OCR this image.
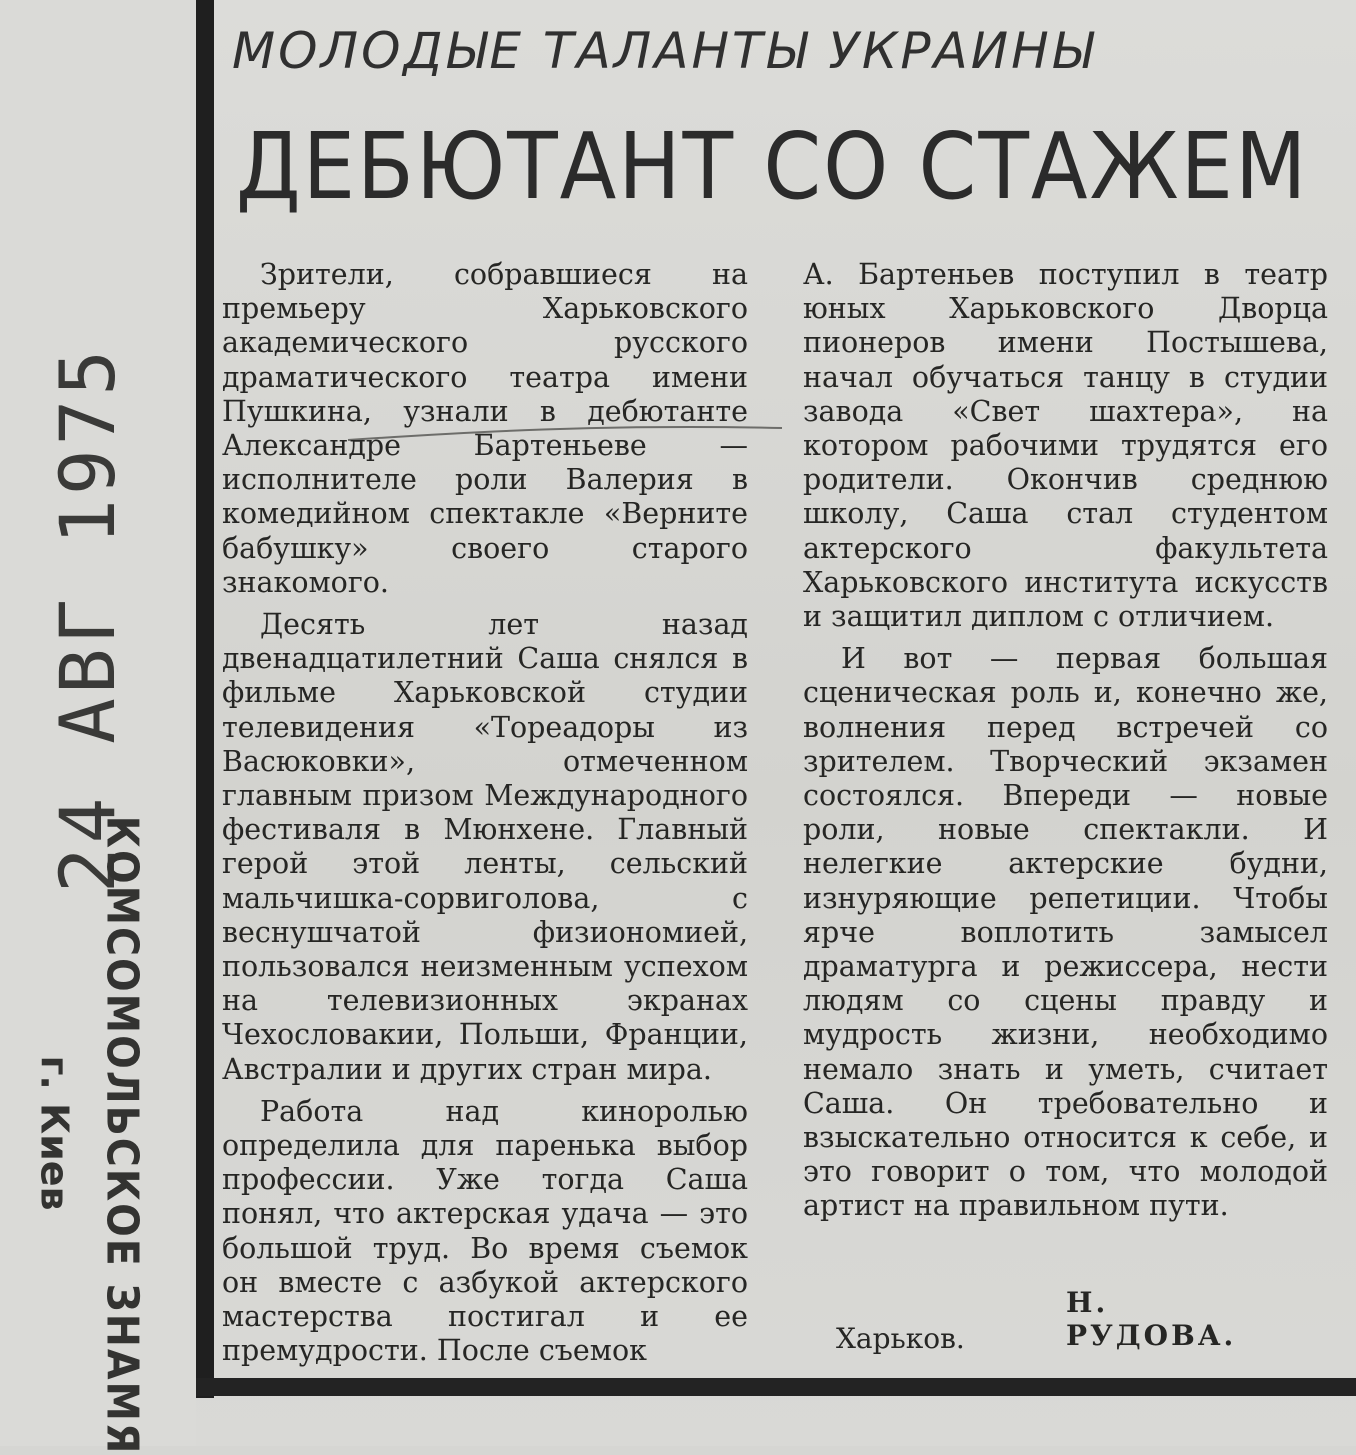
24 АВГ 1975
КОМСОМОЛЬСКОЕ ЗНАМЯ
г. Киев
МОЛОДЫЕ ТАЛАНТЫ УКРАИНЫ
ДЕБЮТАНТ СО СТАЖЕМ

Зрители, собравшиеся на премьеру Харьковского академического русского драматического театра имени Пушкина, узнали в дебютанте Александре Бартеньеве — исполнителе роли Валерия в комедийном спектакле «Верните бабушку» своего старого знакомого.

Десять лет назад двенадцатилетний Саша снялся в фильме Харьковской студии телевидения «Тореадоры из Васюковки», отмеченном главным призом Международного фестиваля в Мюнхене. Главный герой этой ленты, сельский мальчишка-сорвиголова, с веснушчатой физиономией, пользовался неизменным успехом на телевизионных экранах Чехословакии, Польши, Франции, Австралии и других стран мира.

Работа над киноролью определила для паренька выбор профессии. Уже тогда Саша понял, что актерская удача — это большой труд. Во время съемок он вместе с азбукой актерского мастерства постигал и ее премудрости. После съемок

А. Бартеньев поступил в театр юных Харьковского Дворца пионеров имени Постышева, начал обучаться танцу в студии завода «Свет шахтера», на котором рабочими трудятся его родители. Окончив среднюю школу, Саша стал студентом актерского факультета Харьковского института искусств и защитил диплом с отличием.

И вот — первая большая сценическая роль и, конечно же, волнения перед встречей со зрителем. Творческий экзамен состоялся. Впереди — новые роли, новые спектакли. И нелегкие актерские будни, изнуряющие репетиции. Чтобы ярче воплотить замысел драматурга и режиссера, нести людям со сцены правду и мудрость жизни, необходимо немало знать и уметь, считает Саша. Он требовательно и взыскательно относится к себе, и это говорит о том, что молодой артист на правильном пути.

Н. РУДОВА.
Харьков.
